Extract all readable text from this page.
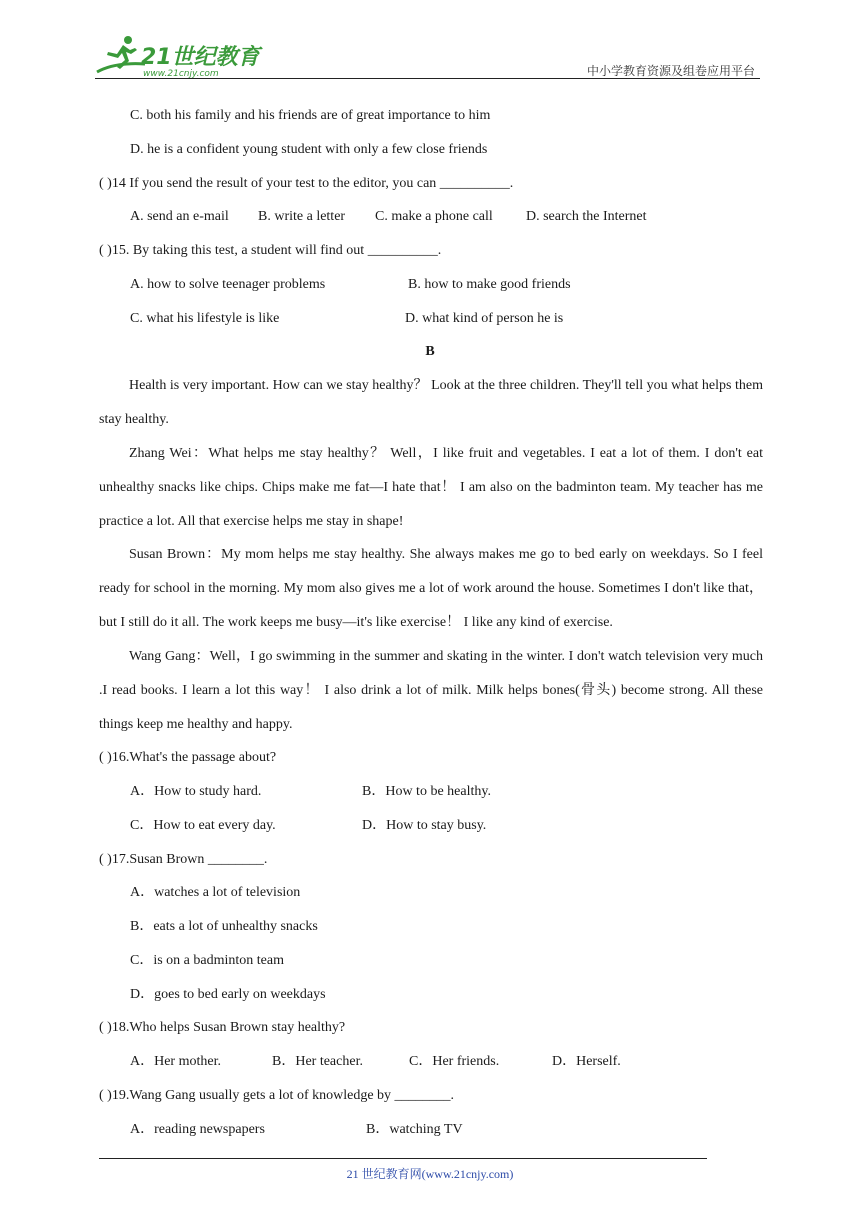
21世纪教育
www.21cnjy.com	中小学教育资源及组卷应用平台
C. both his family and his friends are of great importance to him
D. he is a confident young student with only a few close friends
( )14 If you send the result of your test to the editor, you can __________.
A. send an e-mail B. write a letter C. make a phone call D. search the Internet
( )15. By taking this test, a student will find out __________.
A. how to solve teenager problems	B. how to make good friends
C. what his lifestyle is like	D. what kind of person he is
B
Health is very important. How can we stay healthy？ Look at the three children. They'll tell you what helps them stay healthy.
Zhang Wei：What helps me stay healthy？ Well，I like fruit and vegetables. I eat a lot of them. I don't eat unhealthy snacks like chips. Chips make me fat—I hate that！ I am also on the badminton team. My teacher has me practice a lot. All that exercise helps me stay in shape!
Susan Brown：My mom helps me stay healthy. She always makes me go to bed early on weekdays. So I feel ready for school in the morning. My mom also gives me a lot of work around the house. Sometimes I don't like that， but I still do it all. The work keeps me busy—it's like exercise！ I like any kind of exercise.
Wang Gang：Well，I go swimming in the summer and skating in the winter. I don't watch television very much .I read books. I learn a lot this way！ I also drink a lot of milk. Milk helps bones(骨头) become strong. All these things keep me healthy and happy.
( )16.What's the passage about?
A．How to study hard.	B．How to be healthy.
C．How to eat every day.	D．How to stay busy.
( )17.Susan Brown ________.
A．watches a lot of television
B．eats a lot of unhealthy snacks
C．is on a badminton team
D．goes to bed early on weekdays
( )18.Who helps Susan Brown stay healthy?
A．Her mother.	B．Her teacher.	C．Her friends.	D．Herself.
( )19.Wang Gang usually gets a lot of knowledge by ________.
A．reading newspapers	B．watching TV
21 世纪教育网(www.21cnjy.com)
